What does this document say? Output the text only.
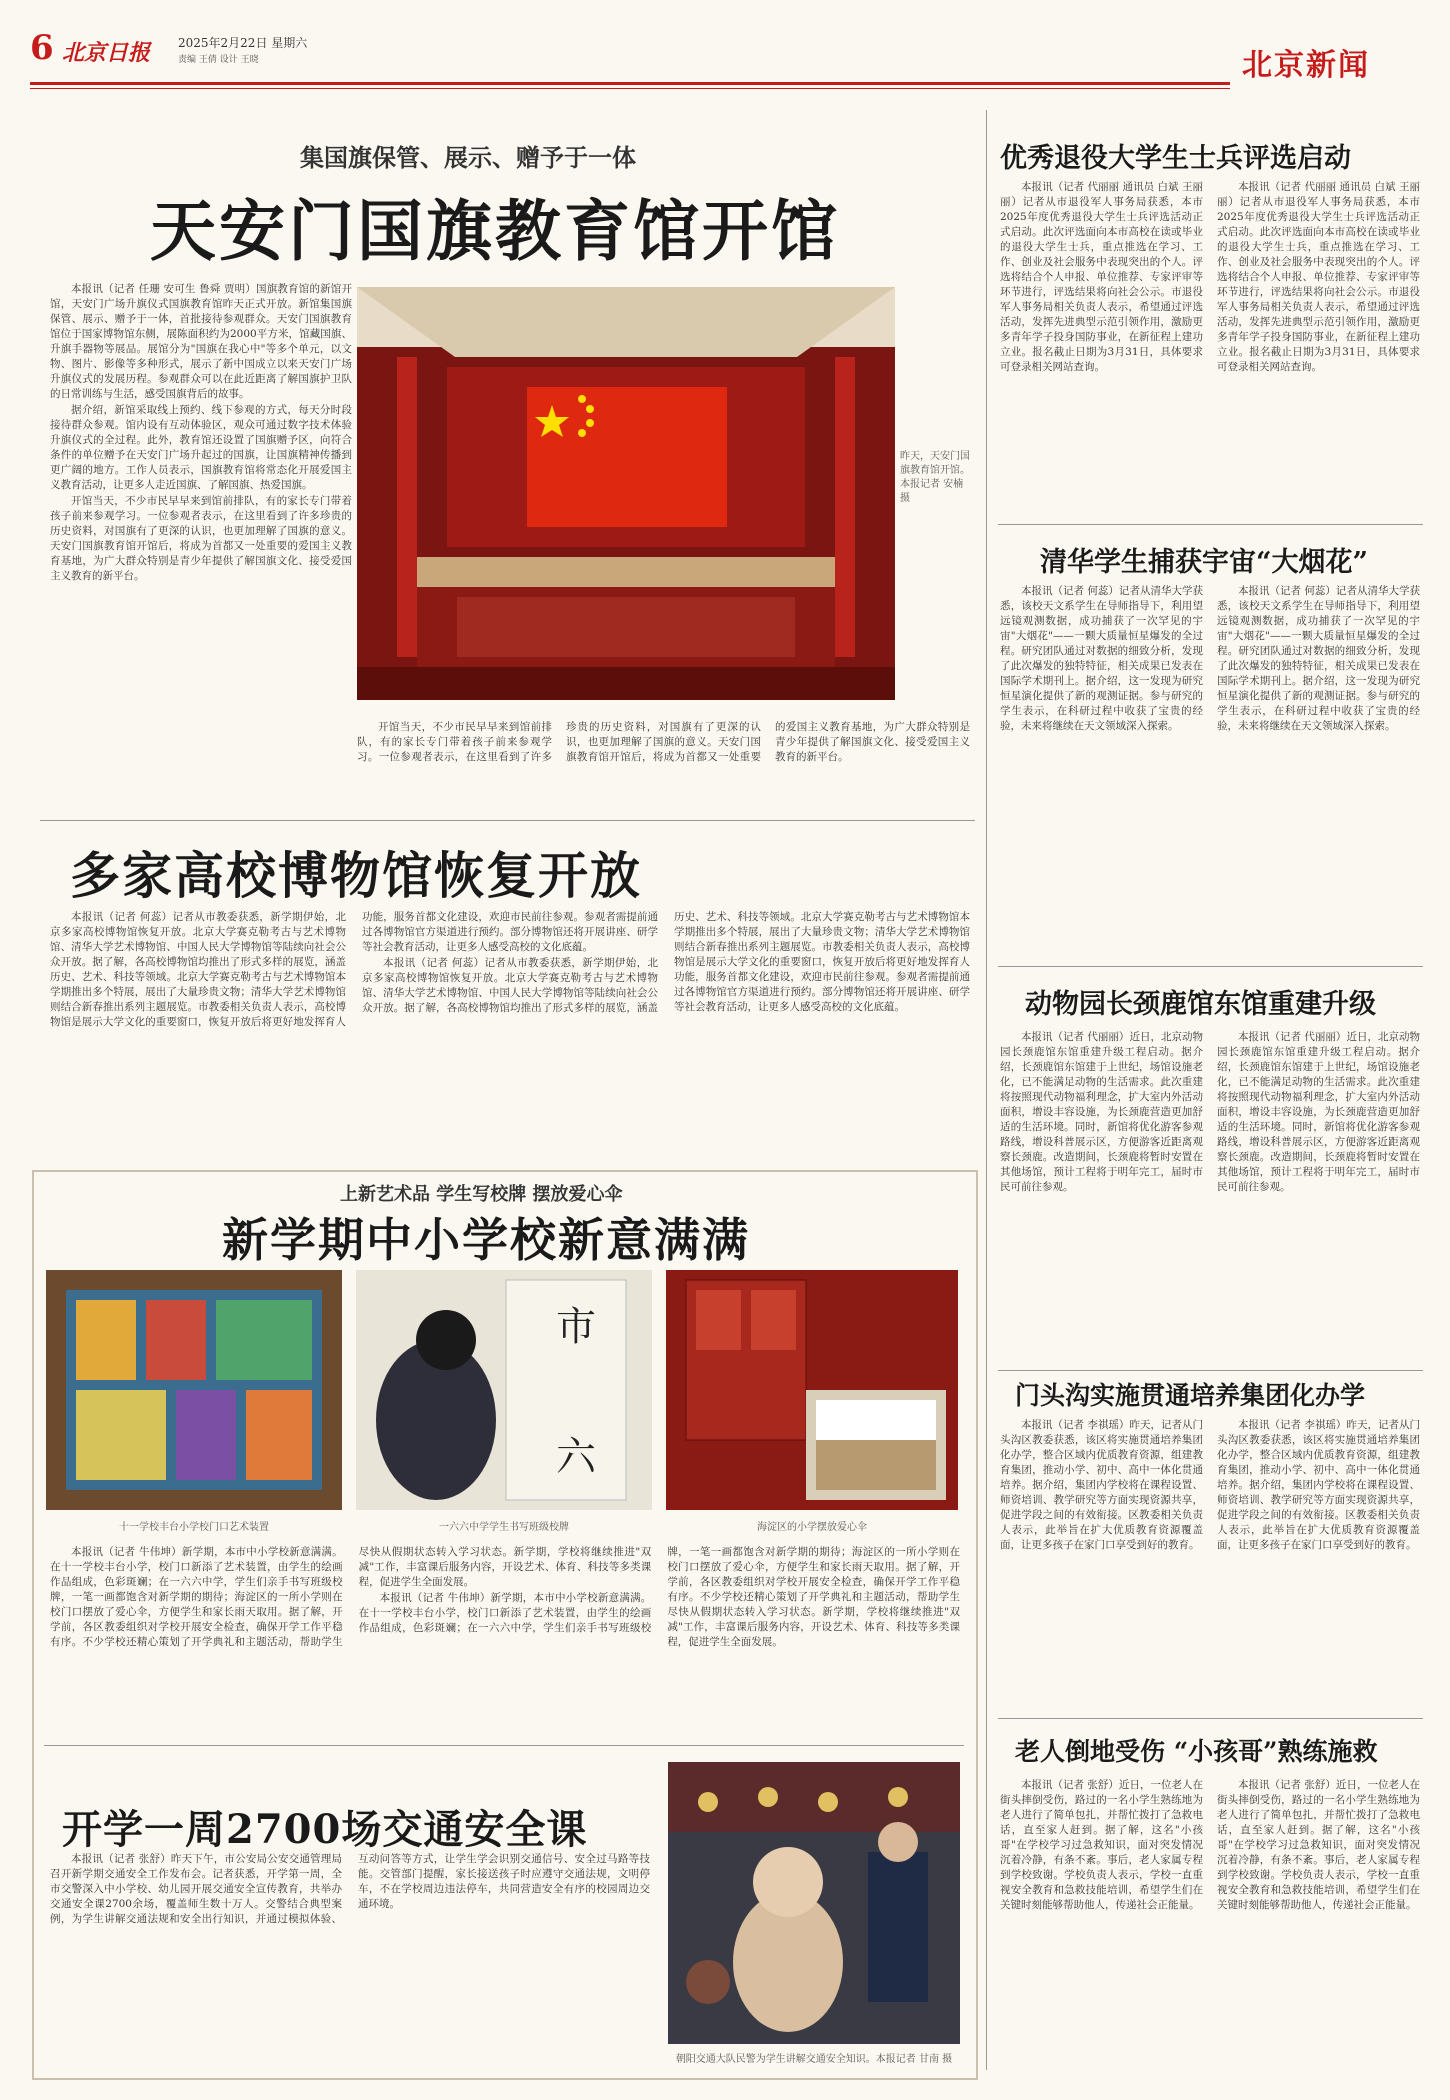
6 北京日报 2025年2月22日 星期六
责编 王倩 设计 王晓	北京新闻
集国旗保管、展示、赠予于一体
天安门国旗教育馆开馆

本报讯（记者 任珊 安可生 鲁舜 贾明）国旗教育馆的新馆开馆，天安门广场升旗仪式国旗教育馆昨天正式开放。新馆集国旗保管、展示、赠予于一体，首批接待参观群众。天安门国旗教育馆位于国家博物馆东侧，展陈面积约为2000平方米，馆藏国旗、升旗手器物等展品。展馆分为"国旗在我心中"等多个单元，以文物、图片、影像等多种形式，展示了新中国成立以来天安门广场升旗仪式的发展历程。参观群众可以在此近距离了解国旗护卫队的日常训练与生活，感受国旗背后的故事。

据介绍，新馆采取线上预约、线下参观的方式，每天分时段接待群众参观。馆内设有互动体验区，观众可通过数字技术体验升旗仪式的全过程。此外，教育馆还设置了国旗赠予区，向符合条件的单位赠予在天安门广场升起过的国旗，让国旗精神传播到更广阔的地方。工作人员表示，国旗教育馆将常态化开展爱国主义教育活动，让更多人走近国旗、了解国旗、热爱国旗。

开馆当天，不少市民早早来到馆前排队，有的家长专门带着孩子前来参观学习。一位参观者表示，在这里看到了许多珍贵的历史资料，对国旗有了更深的认识，也更加理解了国旗的意义。天安门国旗教育馆开馆后，将成为首都又一处重要的爱国主义教育基地，为广大群众特别是青少年提供了解国旗文化、接受爱国主义教育的新平台。

昨天，天安门国旗教育馆开馆。本报记者 安楠 摄

开馆当天，不少市民早早来到馆前排队，有的家长专门带着孩子前来参观学习。一位参观者表示，在这里看到了许多珍贵的历史资料，对国旗有了更深的认识，也更加理解了国旗的意义。天安门国旗教育馆开馆后，将成为首都又一处重要的爱国主义教育基地，为广大群众特别是青少年提供了解国旗文化、接受爱国主义教育的新平台。

多家高校博物馆恢复开放

本报讯（记者 何蕊）记者从市教委获悉，新学期伊始，北京多家高校博物馆恢复开放。北京大学赛克勒考古与艺术博物馆、清华大学艺术博物馆、中国人民大学博物馆等陆续向社会公众开放。据了解，各高校博物馆均推出了形式多样的展览，涵盖历史、艺术、科技等领域。北京大学赛克勒考古与艺术博物馆本学期推出多个特展，展出了大量珍贵文物；清华大学艺术博物馆则结合新春推出系列主题展览。市教委相关负责人表示，高校博物馆是展示大学文化的重要窗口，恢复开放后将更好地发挥育人功能，服务首都文化建设，欢迎市民前往参观。参观者需提前通过各博物馆官方渠道进行预约。部分博物馆还将开展讲座、研学等社会教育活动，让更多人感受高校的文化底蕴。

本报讯（记者 何蕊）记者从市教委获悉，新学期伊始，北京多家高校博物馆恢复开放。北京大学赛克勒考古与艺术博物馆、清华大学艺术博物馆、中国人民大学博物馆等陆续向社会公众开放。据了解，各高校博物馆均推出了形式多样的展览，涵盖历史、艺术、科技等领域。北京大学赛克勒考古与艺术博物馆本学期推出多个特展，展出了大量珍贵文物；清华大学艺术博物馆则结合新春推出系列主题展览。市教委相关负责人表示，高校博物馆是展示大学文化的重要窗口，恢复开放后将更好地发挥育人功能，服务首都文化建设，欢迎市民前往参观。参观者需提前通过各博物馆官方渠道进行预约。部分博物馆还将开展讲座、研学等社会教育活动，让更多人感受高校的文化底蕴。

上新艺术品 学生写校牌 摆放爱心伞
新学期中小学校新意满满
市
六
十一学校丰台小学校门口艺术装置	一六六中学学生书写班级校牌	海淀区的小学摆放爱心伞

本报讯（记者 牛伟坤）新学期，本市中小学校新意满满。在十一学校丰台小学，校门口新添了艺术装置，由学生的绘画作品组成，色彩斑斓；在一六六中学，学生们亲手书写班级校牌，一笔一画都饱含对新学期的期待；海淀区的一所小学则在校门口摆放了爱心伞，方便学生和家长雨天取用。据了解，开学前，各区教委组织对学校开展安全检查，确保开学工作平稳有序。不少学校还精心策划了开学典礼和主题活动，帮助学生尽快从假期状态转入学习状态。新学期，学校将继续推进"双减"工作，丰富课后服务内容，开设艺术、体育、科技等多类课程，促进学生全面发展。

本报讯（记者 牛伟坤）新学期，本市中小学校新意满满。在十一学校丰台小学，校门口新添了艺术装置，由学生的绘画作品组成，色彩斑斓；在一六六中学，学生们亲手书写班级校牌，一笔一画都饱含对新学期的期待；海淀区的一所小学则在校门口摆放了爱心伞，方便学生和家长雨天取用。据了解，开学前，各区教委组织对学校开展安全检查，确保开学工作平稳有序。不少学校还精心策划了开学典礼和主题活动，帮助学生尽快从假期状态转入学习状态。新学期，学校将继续推进"双减"工作，丰富课后服务内容，开设艺术、体育、科技等多类课程，促进学生全面发展。

开学一周2700场交通安全课

本报讯（记者 张舒）昨天下午，市公安局公安交通管理局召开新学期交通安全工作发布会。记者获悉，开学第一周，全市交警深入中小学校、幼儿园开展交通安全宣传教育，共举办交通安全课2700余场，覆盖师生数十万人。交警结合典型案例，为学生讲解交通法规和安全出行知识，并通过模拟体验、互动问答等方式，让学生学会识别交通信号、安全过马路等技能。交管部门提醒，家长接送孩子时应遵守交通法规，文明停车，不在学校周边违法停车，共同营造安全有序的校园周边交通环境。

朝阳交通大队民警为学生讲解交通安全知识。本报记者 甘南 摄
优秀退役大学生士兵评选启动

本报讯（记者 代丽丽 通讯员 白斌 王丽丽）记者从市退役军人事务局获悉，本市2025年度优秀退役大学生士兵评选活动正式启动。此次评选面向本市高校在读或毕业的退役大学生士兵，重点推选在学习、工作、创业及社会服务中表现突出的个人。评选将结合个人申报、单位推荐、专家评审等环节进行，评选结果将向社会公示。市退役军人事务局相关负责人表示，希望通过评选活动，发挥先进典型示范引领作用，激励更多青年学子投身国防事业，在新征程上建功立业。报名截止日期为3月31日，具体要求可登录相关网站查询。

本报讯（记者 代丽丽 通讯员 白斌 王丽丽）记者从市退役军人事务局获悉，本市2025年度优秀退役大学生士兵评选活动正式启动。此次评选面向本市高校在读或毕业的退役大学生士兵，重点推选在学习、工作、创业及社会服务中表现突出的个人。评选将结合个人申报、单位推荐、专家评审等环节进行，评选结果将向社会公示。市退役军人事务局相关负责人表示，希望通过评选活动，发挥先进典型示范引领作用，激励更多青年学子投身国防事业，在新征程上建功立业。报名截止日期为3月31日，具体要求可登录相关网站查询。

清华学生捕获宇宙“大烟花”

本报讯（记者 何蕊）记者从清华大学获悉，该校天文系学生在导师指导下，利用望远镜观测数据，成功捕获了一次罕见的宇宙"大烟花"——一颗大质量恒星爆发的全过程。研究团队通过对数据的细致分析，发现了此次爆发的独特特征，相关成果已发表在国际学术期刊上。据介绍，这一发现为研究恒星演化提供了新的观测证据。参与研究的学生表示，在科研过程中收获了宝贵的经验，未来将继续在天文领域深入探索。

本报讯（记者 何蕊）记者从清华大学获悉，该校天文系学生在导师指导下，利用望远镜观测数据，成功捕获了一次罕见的宇宙"大烟花"——一颗大质量恒星爆发的全过程。研究团队通过对数据的细致分析，发现了此次爆发的独特特征，相关成果已发表在国际学术期刊上。据介绍，这一发现为研究恒星演化提供了新的观测证据。参与研究的学生表示，在科研过程中收获了宝贵的经验，未来将继续在天文领域深入探索。

动物园长颈鹿馆东馆重建升级

本报讯（记者 代丽丽）近日，北京动物园长颈鹿馆东馆重建升级工程启动。据介绍，长颈鹿馆东馆建于上世纪，场馆设施老化，已不能满足动物的生活需求。此次重建将按照现代动物福利理念，扩大室内外活动面积，增设丰容设施，为长颈鹿营造更加舒适的生活环境。同时，新馆将优化游客参观路线，增设科普展示区，方便游客近距离观察长颈鹿。改造期间，长颈鹿将暂时安置在其他场馆，预计工程将于明年完工，届时市民可前往参观。

本报讯（记者 代丽丽）近日，北京动物园长颈鹿馆东馆重建升级工程启动。据介绍，长颈鹿馆东馆建于上世纪，场馆设施老化，已不能满足动物的生活需求。此次重建将按照现代动物福利理念，扩大室内外活动面积，增设丰容设施，为长颈鹿营造更加舒适的生活环境。同时，新馆将优化游客参观路线，增设科普展示区，方便游客近距离观察长颈鹿。改造期间，长颈鹿将暂时安置在其他场馆，预计工程将于明年完工，届时市民可前往参观。

门头沟实施贯通培养集团化办学

本报讯（记者 李祺瑶）昨天，记者从门头沟区教委获悉，该区将实施贯通培养集团化办学，整合区域内优质教育资源，组建教育集团，推动小学、初中、高中一体化贯通培养。据介绍，集团内学校将在课程设置、师资培训、教学研究等方面实现资源共享，促进学段之间的有效衔接。区教委相关负责人表示，此举旨在扩大优质教育资源覆盖面，让更多孩子在家门口享受到好的教育。

本报讯（记者 李祺瑶）昨天，记者从门头沟区教委获悉，该区将实施贯通培养集团化办学，整合区域内优质教育资源，组建教育集团，推动小学、初中、高中一体化贯通培养。据介绍，集团内学校将在课程设置、师资培训、教学研究等方面实现资源共享，促进学段之间的有效衔接。区教委相关负责人表示，此举旨在扩大优质教育资源覆盖面，让更多孩子在家门口享受到好的教育。

老人倒地受伤 “小孩哥”熟练施救

本报讯（记者 张舒）近日，一位老人在街头摔倒受伤，路过的一名小学生熟练地为老人进行了简单包扎，并帮忙拨打了急救电话，直至家人赶到。据了解，这名"小孩哥"在学校学习过急救知识，面对突发情况沉着冷静，有条不紊。事后，老人家属专程到学校致谢。学校负责人表示，学校一直重视安全教育和急救技能培训，希望学生们在关键时刻能够帮助他人，传递社会正能量。

本报讯（记者 张舒）近日，一位老人在街头摔倒受伤，路过的一名小学生熟练地为老人进行了简单包扎，并帮忙拨打了急救电话，直至家人赶到。据了解，这名"小孩哥"在学校学习过急救知识，面对突发情况沉着冷静，有条不紊。事后，老人家属专程到学校致谢。学校负责人表示，学校一直重视安全教育和急救技能培训，希望学生们在关键时刻能够帮助他人，传递社会正能量。
